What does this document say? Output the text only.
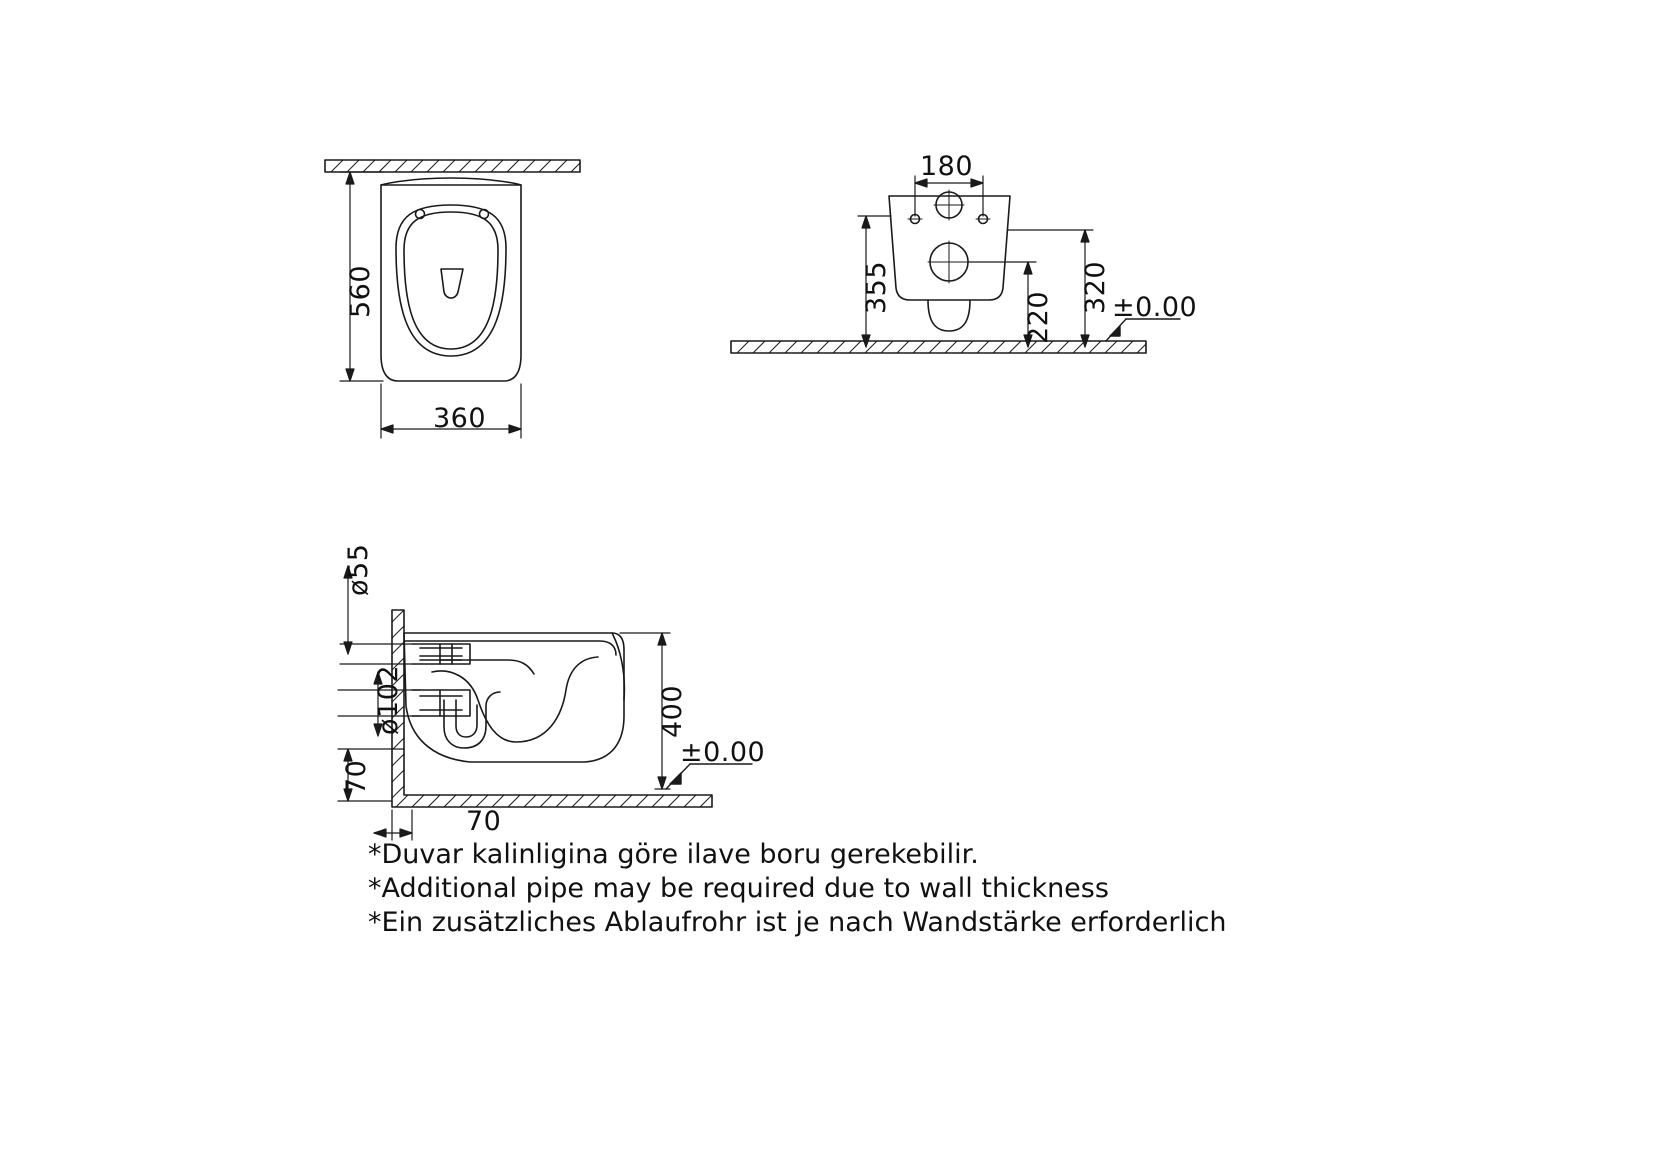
560
360
180
355
220
320 ±0.00
ø55
ø102
70
400
70
±0.00
*Duvar kalinligina göre ilave boru gerekebilir.
*Additional pipe may be required due to wall thickness
*Ein zusätzliches Ablaufrohr ist je nach Wandstärke erforderlich
